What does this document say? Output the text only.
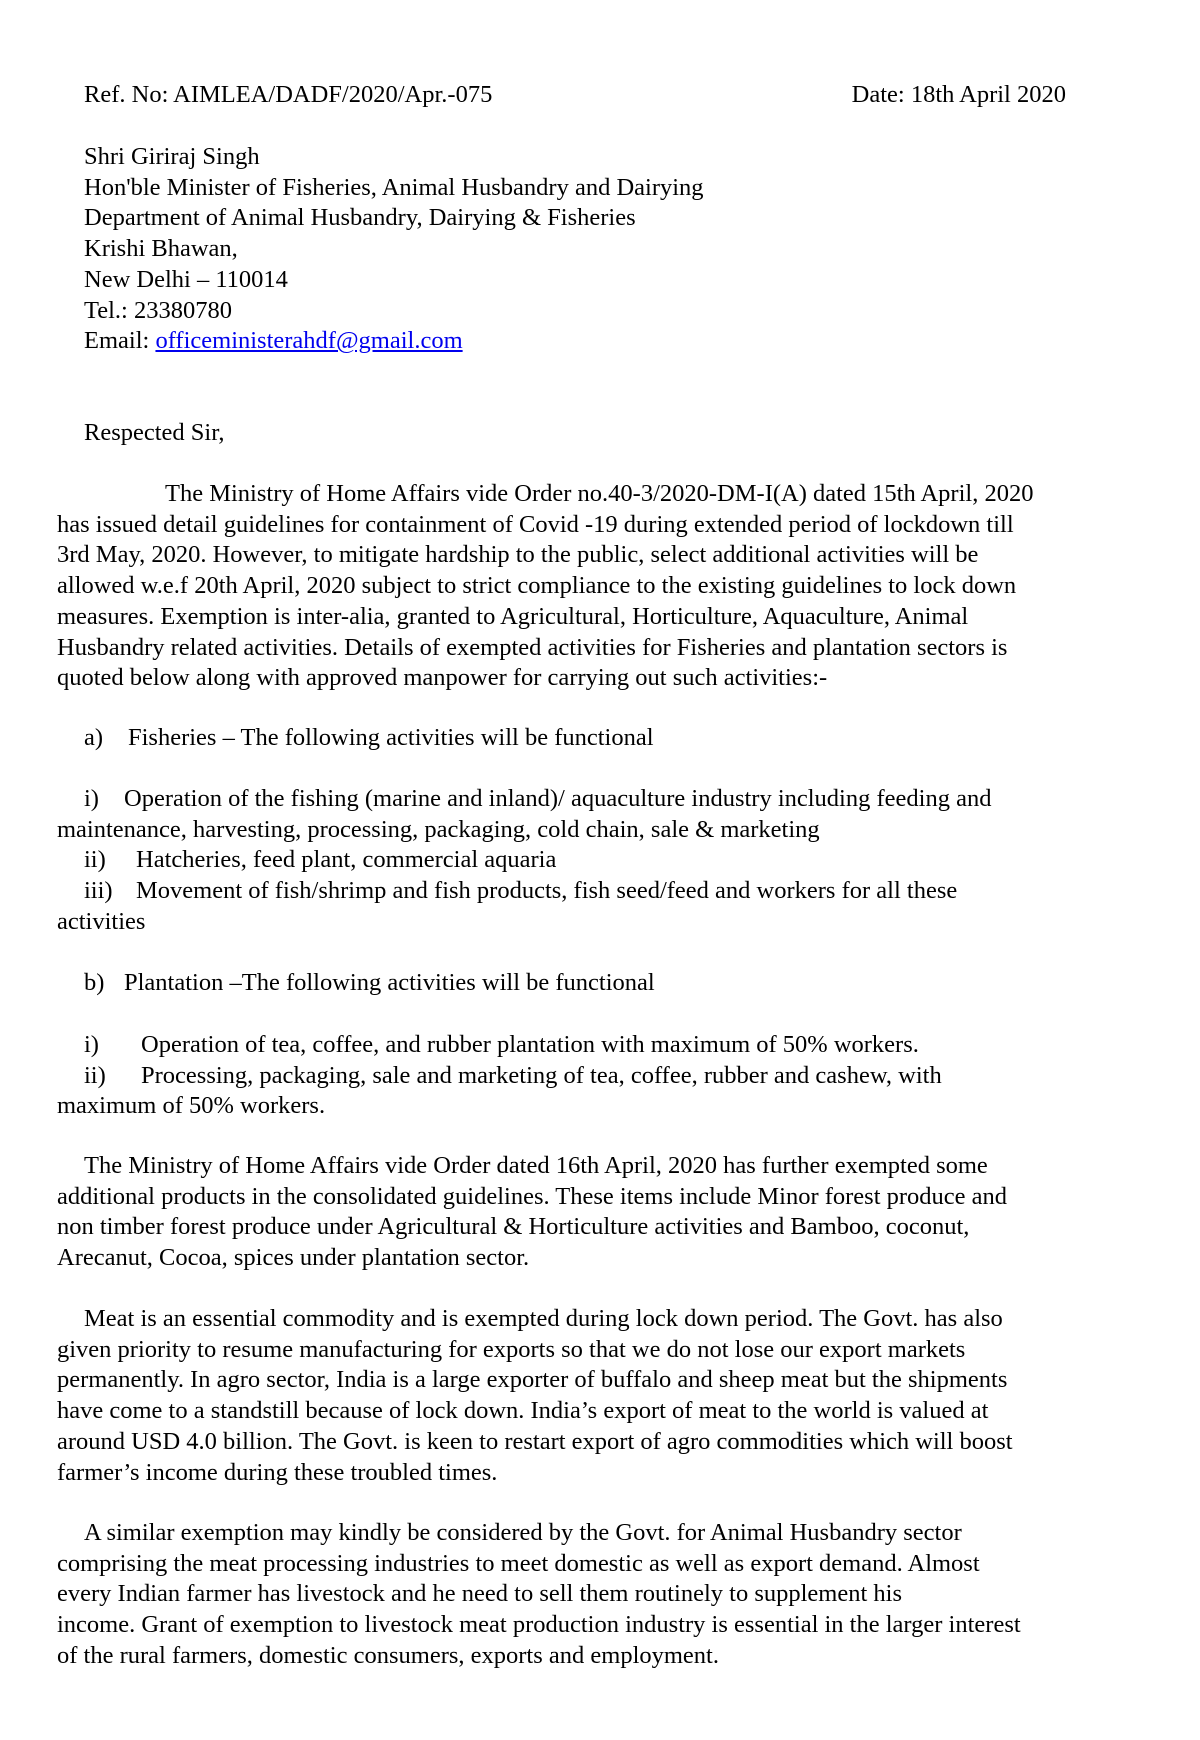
Ref. No: AIMLEA/DADF/2020/Apr.-075	Date: 18th April 2020
Shri Giriraj Singh
Hon'ble Minister of Fisheries, Animal Husbandry and Dairying
Department of Animal Husbandry, Dairying & Fisheries
Krishi Bhawan,
New Delhi – 110014
Tel.: 23380780
Email: officeministerahdf@gmail.com
Respected Sir,
The Ministry of Home Affairs vide Order no.40-3/2020-DM-I(A) dated 15th April, 2020
has issued detail guidelines for containment of Covid -19 during extended period of lockdown till
3rd May, 2020. However, to mitigate hardship to the public, select additional activities will be
allowed w.e.f 20th April, 2020 subject to strict compliance to the existing guidelines to lock down
measures. Exemption is inter-alia, granted to Agricultural, Horticulture, Aquaculture, Animal
Husbandry related activities. Details of exempted activities for Fisheries and plantation sectors is
quoted below along with approved manpower for carrying out such activities:-
a) Fisheries – The following activities will be functional
i) Operation of the fishing (marine and inland)/ aquaculture industry including feeding and
maintenance, harvesting, processing, packaging, cold chain, sale & marketing
ii) Hatcheries, feed plant, commercial aquaria
iii) Movement of fish/shrimp and fish products, fish seed/feed and workers for all these
activities
b) Plantation –The following activities will be functional
i) Operation of tea, coffee, and rubber plantation with maximum of 50% workers.
ii) Processing, packaging, sale and marketing of tea, coffee, rubber and cashew, with
maximum of 50% workers.
The Ministry of Home Affairs vide Order dated 16th April, 2020 has further exempted some
additional products in the consolidated guidelines. These items include Minor forest produce and
non timber forest produce under Agricultural & Horticulture activities and Bamboo, coconut,
Arecanut, Cocoa, spices under plantation sector.
Meat is an essential commodity and is exempted during lock down period. The Govt. has also
given priority to resume manufacturing for exports so that we do not lose our export markets
permanently. In agro sector, India is a large exporter of buffalo and sheep meat but the shipments
have come to a standstill because of lock down. India’s export of meat to the world is valued at
around USD 4.0 billion. The Govt. is keen to restart export of agro commodities which will boost
farmer’s income during these troubled times.
A similar exemption may kindly be considered by the Govt. for Animal Husbandry sector
comprising the meat processing industries to meet domestic as well as export demand. Almost
every Indian farmer has livestock and he need to sell them routinely to supplement his
income. Grant of exemption to livestock meat production industry is essential in the larger interest
of the rural farmers, domestic consumers, exports and employment.
